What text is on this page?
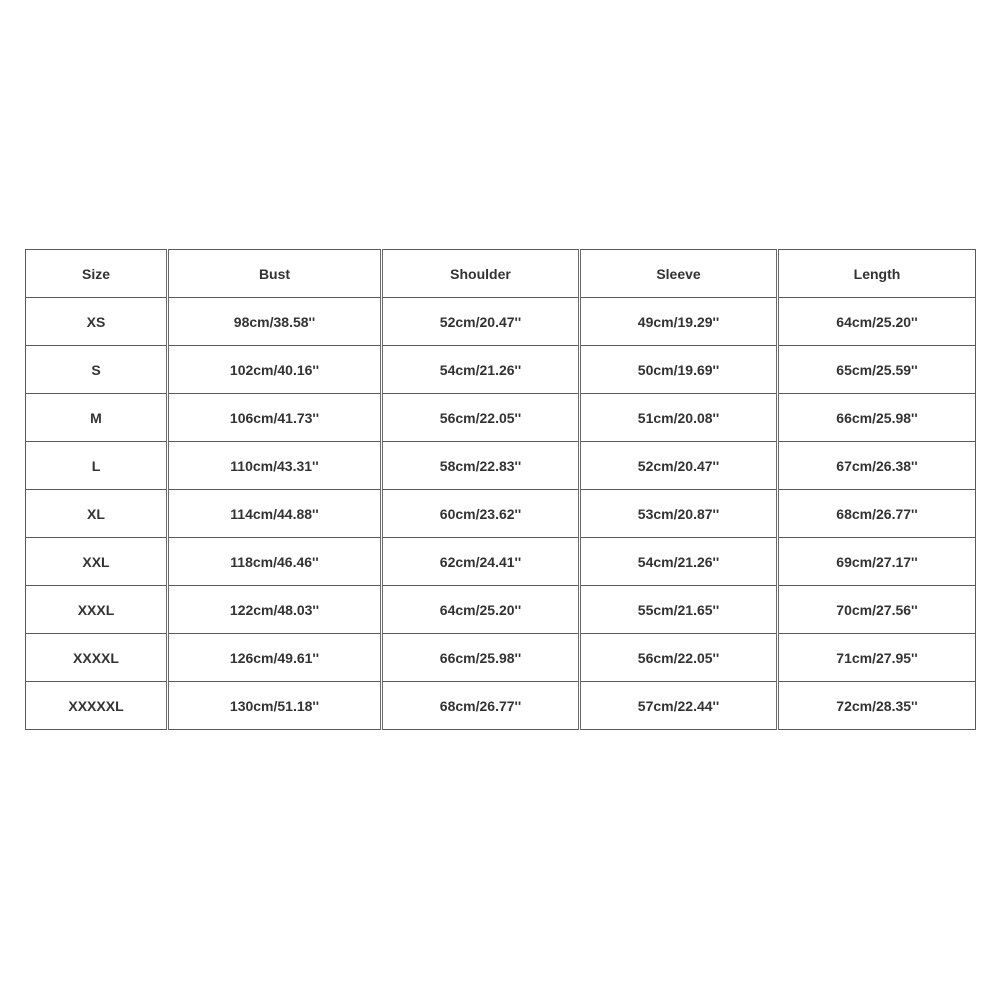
Size	Bust	Shoulder	Sleeve	Length
XS	98cm/38.58''	52cm/20.47''	49cm/19.29''	64cm/25.20''
S	102cm/40.16''	54cm/21.26''	50cm/19.69''	65cm/25.59''
M	106cm/41.73''	56cm/22.05''	51cm/20.08''	66cm/25.98''
L	110cm/43.31''	58cm/22.83''	52cm/20.47''	67cm/26.38''
XL	114cm/44.88''	60cm/23.62''	53cm/20.87''	68cm/26.77''
XXL	118cm/46.46''	62cm/24.41''	54cm/21.26''	69cm/27.17''
XXXL	122cm/48.03''	64cm/25.20''	55cm/21.65''	70cm/27.56''
XXXXL	126cm/49.61''	66cm/25.98''	56cm/22.05''	71cm/27.95''
XXXXXL	130cm/51.18''	68cm/26.77''	57cm/22.44''	72cm/28.35''
